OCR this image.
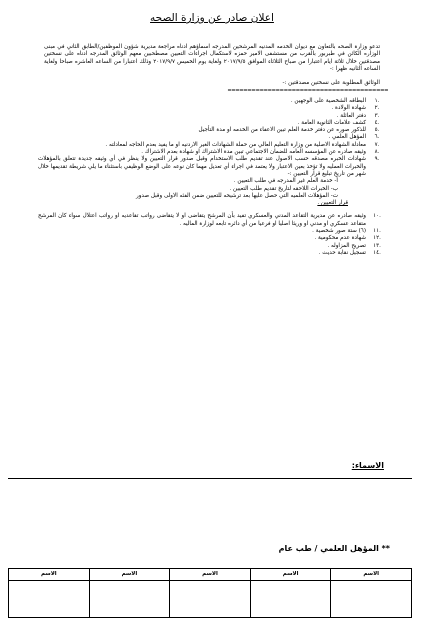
اعلان صادر عن وزارة الصحه
تدعو وزارة الصحه بالتعاون مع ديوان الخدمه المدنيه المرشحين المدرجه اسماؤهم ادناه مراجعة مديرية شؤون الموظفين/الطابق الثاني في مبنى الوزاره الكائن في طبربور بالقرب من مستشفى الامير حمزه لاستكمال اجراءات التعيين مصطحبين معهم الوثائق المدرجه ادناه على نسختين مصدقتين خلال ثلاثة ايام اعتبارا من صباح الثلاثاء الموافق ٢٠١٧/٩/٥ ولغاية يوم الخميس ٢٠١٧/٩/٧ وذلك اعتبارا من الساعه العاشره صباحا ولغاية الساعه الثانيه ظهرا :-
الوثائق المطلوبة على نسختين مصدقتين :-
========================================
.١
البطاقه الشخصية على الوجهين .
.٢
شهادة الولادة .
.٣
دفتر العائلة .
.٤
كشف علامات الثانوية العامة .
.٥
للذكور صوره عن دفتر خدمة العلم تبين الاعفاء من الخدمه او مدة التأجيل
.٦
المؤهل العلمي .
.٧
معادلة الشهادة الاصلية من وزارة التعليم العالي من حملة الشهادات الغير الاردنيه او ما يفيد بعدم الحاجه لمعادلته .
.٨
وثيقه صادره عن المؤسسه العامه للضمان الاجتماعي تبين مدة الاشتراك او شهادة بعدم الاشتراك .
.٩
شهادات الخبره مصدقه حسب الاصول عند تقديم طلب الاستخدام وقبل صدور قرار التعيين ولا ينظر في أي وثيقه جديدة تتعلق بالمؤهلات والخبرات العمليه ولا تؤخذ بعين الاعتبار ولا يعتمد في اجراء أي تعديل مهما كان نوعه على الوضع الوظيفي باستثناء ما يلي شريطة تقديمها خلال شهر من تاريخ تبليغ قرار التعيين :-
أ- خدمة العلم غير المدرجه في طلب التعيين .
ب- الخبرات اللاحقه لتاريخ تقديم طلب التعيين .
ت- المؤهلات العلميه التي حصل عليها بعد ترشيحه للتعيين ضمن الفئه الاولى وقبل صدور
قرار التعيين .
.١٠
وثيقه صادره عن مديرية التقاعد المدني والعسكري تفيد بأن المرشح يتقاضى او لا يتقاضى رواتب تقاعديه او رواتب اعتلال سواء كان المرشح متقاعد عسكري او مدني او وريثا اصليا او فرعيا من أي دائره تابعه لوزارة الماليه .
.١١
(٦) ستة صور شخصية .
.١٢
شهادة عدم محكومية .
.١٣
تصريح المزاوله .
.١٤
تسجيل نقابة حديث .
الاسماء:
** المؤهل العلمي / طب عام
الاسم
الاسم
الاسم
الاسم
الاسم
